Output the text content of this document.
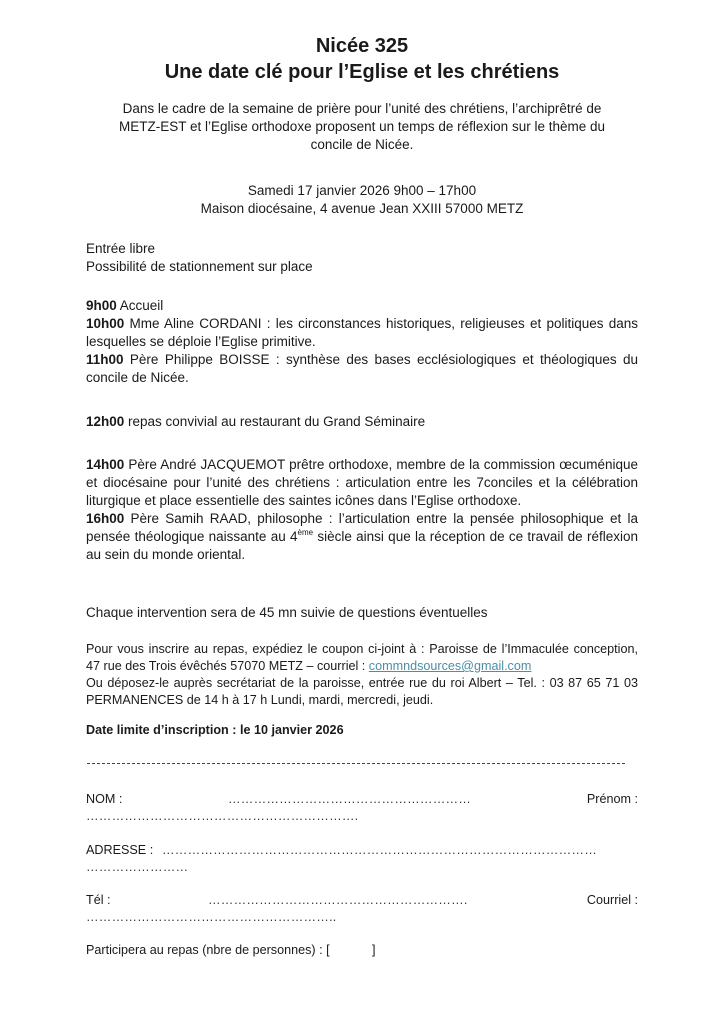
Nicée 325
Une date clé pour l’Eglise et les chrétiens
Dans le cadre de la semaine de prière pour l’unité des chrétiens, l’archiprêtré de
METZ-EST et l’Eglise orthodoxe proposent un temps de réflexion sur le thème du
concile de Nicée.
Samedi 17 janvier 2026 9h00 – 17h00
Maison diocésaine, 4 avenue Jean XXIII 57000 METZ
Entrée libre
Possibilité de stationnement sur place
9h00 Accueil
10h00 Mme Aline CORDANI : les circonstances historiques, religieuses et politiques dans lesquelles se déploie l’Eglise primitive.
11h00 Père Philippe BOISSE : synthèse des bases ecclésiologiques et théologiques du concile de Nicée.
12h00 repas convivial au restaurant du Grand Séminaire
14h00 Père André JACQUEMOT prêtre orthodoxe, membre de la commission œcuménique et diocésaine pour l’unité des chrétiens : articulation entre les 7conciles et la célébration liturgique et place essentielle des saintes icônes dans l’Eglise orthodoxe.
16h00 Père Samih RAAD, philosophe : l’articulation entre la pensée philosophique et la pensée théologique naissante au 4ème siècle ainsi que la réception de ce travail de réflexion au sein du monde oriental.
Chaque intervention sera de 45 mn suivie de questions éventuelles
Pour vous inscrire au repas, expédiez le coupon ci-joint à : Paroisse de l’Immaculée conception, 47 rue des Trois évêchés 57070 METZ – courriel : commndsources@gmail.com
Ou déposez-le auprès secrétariat de la paroisse, entrée rue du roi Albert – Tel. : 03 87 65 71 03 PERMANENCES de 14 h à 17 h Lundi, mardi, mercredi, jeudi.
Date limite d’inscription : le 10 janvier 2026
NOM :	…………………………………………………	Prénom :
……………………………………………………….
ADRESSE : …………………………………………………………………………………………
……………………
Tél :	…………………………………………………….	Courriel :
…………………………………………………..
Participera au repas (nbre de personnes) : [	]
